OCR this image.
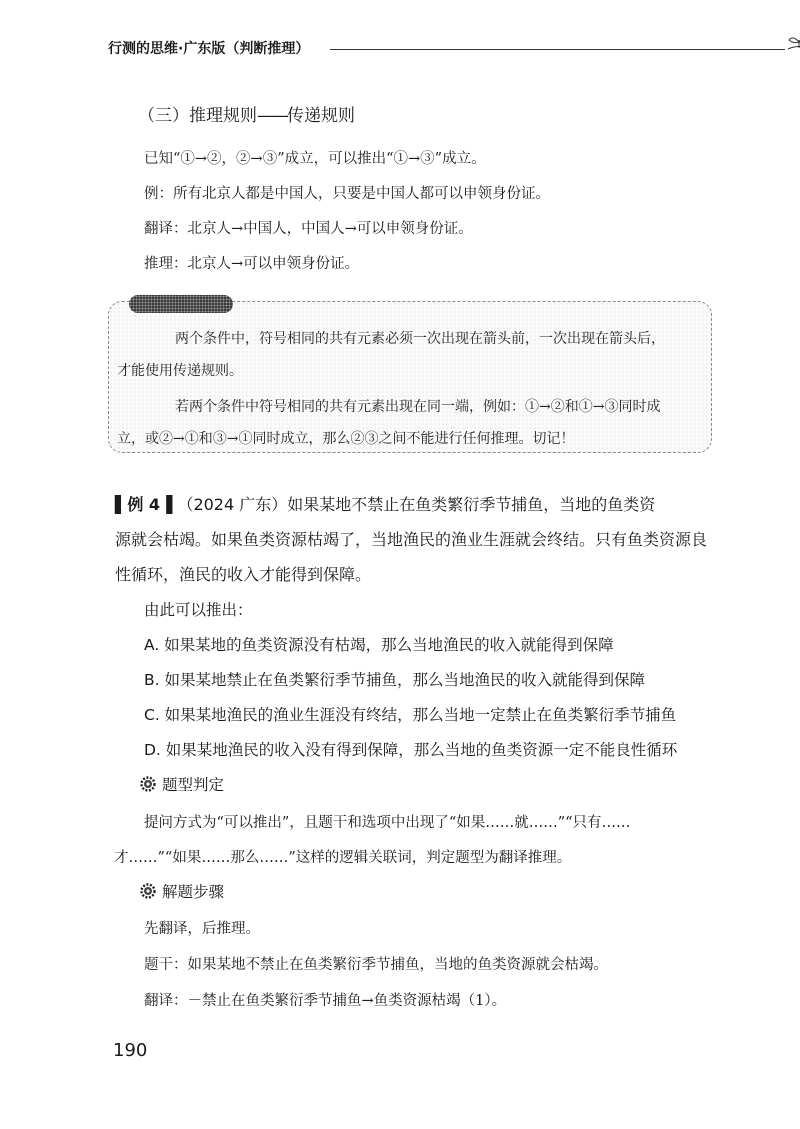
行测的思维·广东版（判断推理）
（三）推理规则——传递规则
已知“①→②，②→③”成立，可以推出“①→③”成立。
例：所有北京人都是中国人，只要是中国人都可以申领身份证。
翻译：北京人→中国人，中国人→可以申领身份证。
推理：北京人→可以申领身份证。
两个条件中，符号相同的共有元素必须一次出现在箭头前，一次出现在箭头后，
才能使用传递规则。
若两个条件中符号相同的共有元素出现在同一端，例如：①→②和①→③同时成
立，或②→①和③→①同时成立，那么②③之间不能进行任何推理。切记！
▌例 4▐ （2024 广东）如果某地不禁止在鱼类繁衍季节捕鱼，当地的鱼类资
源就会枯竭。如果鱼类资源枯竭了，当地渔民的渔业生涯就会终结。只有鱼类资源良
性循环，渔民的收入才能得到保障。
由此可以推出：
A. 如果某地的鱼类资源没有枯竭，那么当地渔民的收入就能得到保障
B. 如果某地禁止在鱼类繁衍季节捕鱼，那么当地渔民的收入就能得到保障
C. 如果某地渔民的渔业生涯没有终结，那么当地一定禁止在鱼类繁衍季节捕鱼
D. 如果某地渔民的收入没有得到保障，那么当地的鱼类资源一定不能良性循环
题型判定
提问方式为“可以推出”，且题干和选项中出现了“如果……就……”“只有……
才……”“如果……那么……”这样的逻辑关联词，判定题型为翻译推理。
解题步骤
先翻译，后推理。
题干：如果某地不禁止在鱼类繁衍季节捕鱼，当地的鱼类资源就会枯竭。
翻译：－禁止在鱼类繁衍季节捕鱼→鱼类资源枯竭（1）。
190
